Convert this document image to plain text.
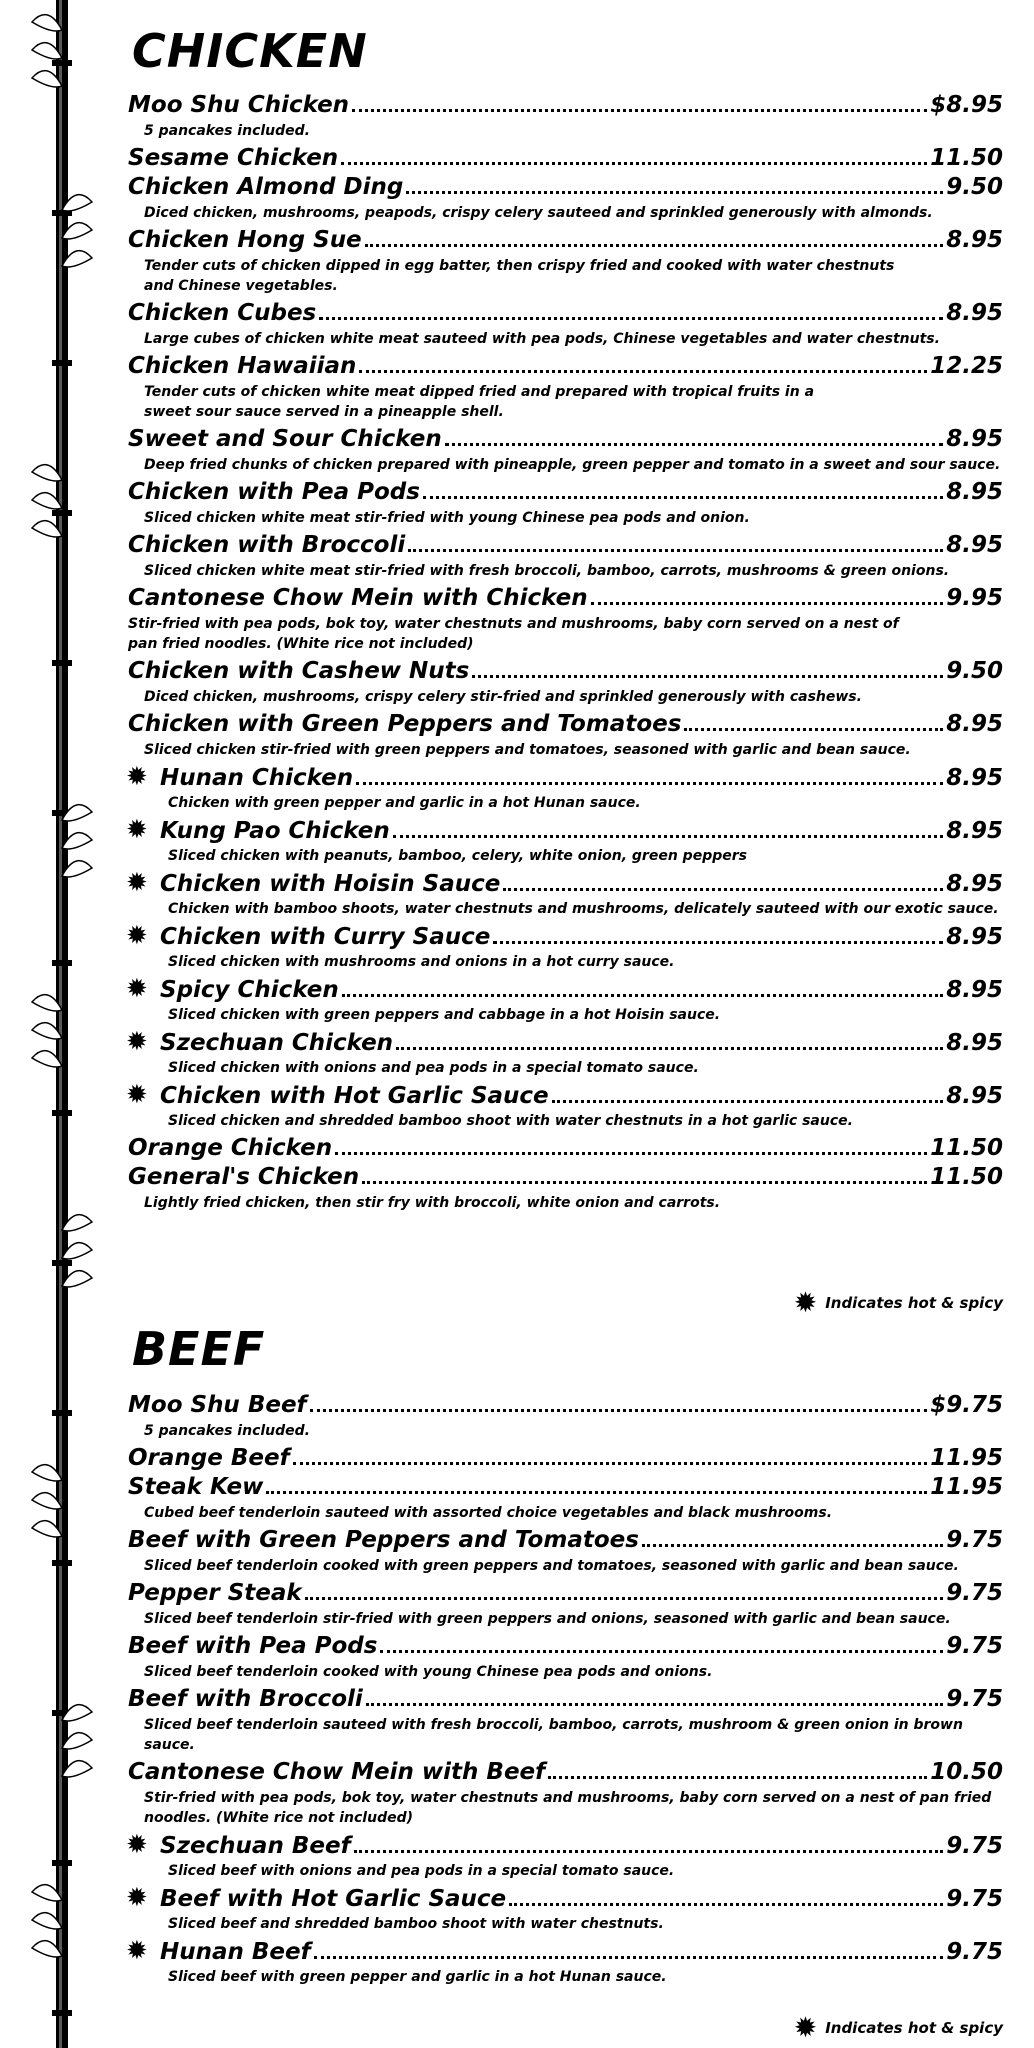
CHICKEN
Moo Shu Chicken	$8.95
5 pancakes included.
Sesame Chicken	11.50
Chicken Almond Ding	9.50
Diced chicken, mushrooms, peapods, crispy celery sauteed and sprinkled generously with almonds.
Chicken Hong Sue	8.95
Tender cuts of chicken dipped in egg batter, then crispy fried and cooked with water chestnuts
and Chinese vegetables.
Chicken Cubes	8.95
Large cubes of chicken white meat sauteed with pea pods, Chinese vegetables and water chestnuts.
Chicken Hawaiian	12.25
Tender cuts of chicken white meat dipped fried and prepared with tropical fruits in a
sweet sour sauce served in a pineapple shell.
Sweet and Sour Chicken	8.95
Deep fried chunks of chicken prepared with pineapple, green pepper and tomato in a sweet and sour sauce.
Chicken with Pea Pods	8.95
Sliced chicken white meat stir-fried with young Chinese pea pods and onion.
Chicken with Broccoli	8.95
Sliced chicken white meat stir-fried with fresh broccoli, bamboo, carrots, mushrooms & green onions.
Cantonese Chow Mein with Chicken	9.95
Stir-fried with pea pods, bok toy, water chestnuts and mushrooms, baby corn served on a nest of
pan fried noodles. (White rice not included)
Chicken with Cashew Nuts	9.50
Diced chicken, mushrooms, crispy celery stir-fried and sprinkled generously with cashews.
Chicken with Green Peppers and Tomatoes	8.95
Sliced chicken stir-fried with green peppers and tomatoes, seasoned with garlic and bean sauce.
✹ Hunan Chicken	8.95
Chicken with green pepper and garlic in a hot Hunan sauce.
✹ Kung Pao Chicken	8.95
Sliced chicken with peanuts, bamboo, celery, white onion, green peppers
✹ Chicken with Hoisin Sauce	8.95
Chicken with bamboo shoots, water chestnuts and mushrooms, delicately sauteed with our exotic sauce.
✹ Chicken with Curry Sauce	8.95
Sliced chicken with mushrooms and onions in a hot curry sauce.
✹ Spicy Chicken	8.95
Sliced chicken with green peppers and cabbage in a hot Hoisin sauce.
✹ Szechuan Chicken	8.95
Sliced chicken with onions and pea pods in a special tomato sauce.
✹ Chicken with Hot Garlic Sauce	8.95
Sliced chicken and shredded bamboo shoot with water chestnuts in a hot garlic sauce.
Orange Chicken	11.50
General's Chicken	11.50
Lightly fried chicken, then stir fry with broccoli, white onion and carrots.
✹ Indicates hot & spicy
BEEF
Moo Shu Beef	$9.75
5 pancakes included.
Orange Beef	11.95
Steak Kew	11.95
Cubed beef tenderloin sauteed with assorted choice vegetables and black mushrooms.
Beef with Green Peppers and Tomatoes	9.75
Sliced beef tenderloin cooked with green peppers and tomatoes, seasoned with garlic and bean sauce.
Pepper Steak	9.75
Sliced beef tenderloin stir-fried with green peppers and onions, seasoned with garlic and bean sauce.
Beef with Pea Pods	9.75
Sliced beef tenderloin cooked with young Chinese pea pods and onions.
Beef with Broccoli	9.75
Sliced beef tenderloin sauteed with fresh broccoli, bamboo, carrots, mushroom & green onion in brown sauce.
Cantonese Chow Mein with Beef	10.50
Stir-fried with pea pods, bok toy, water chestnuts and mushrooms, baby corn served on a nest of pan fried
noodles. (White rice not included)
✹ Szechuan Beef	9.75
Sliced beef with onions and pea pods in a special tomato sauce.
✹ Beef with Hot Garlic Sauce	9.75
Sliced beef and shredded bamboo shoot with water chestnuts.
✹ Hunan Beef	9.75
Sliced beef with green pepper and garlic in a hot Hunan sauce.
✹ Indicates hot & spicy
